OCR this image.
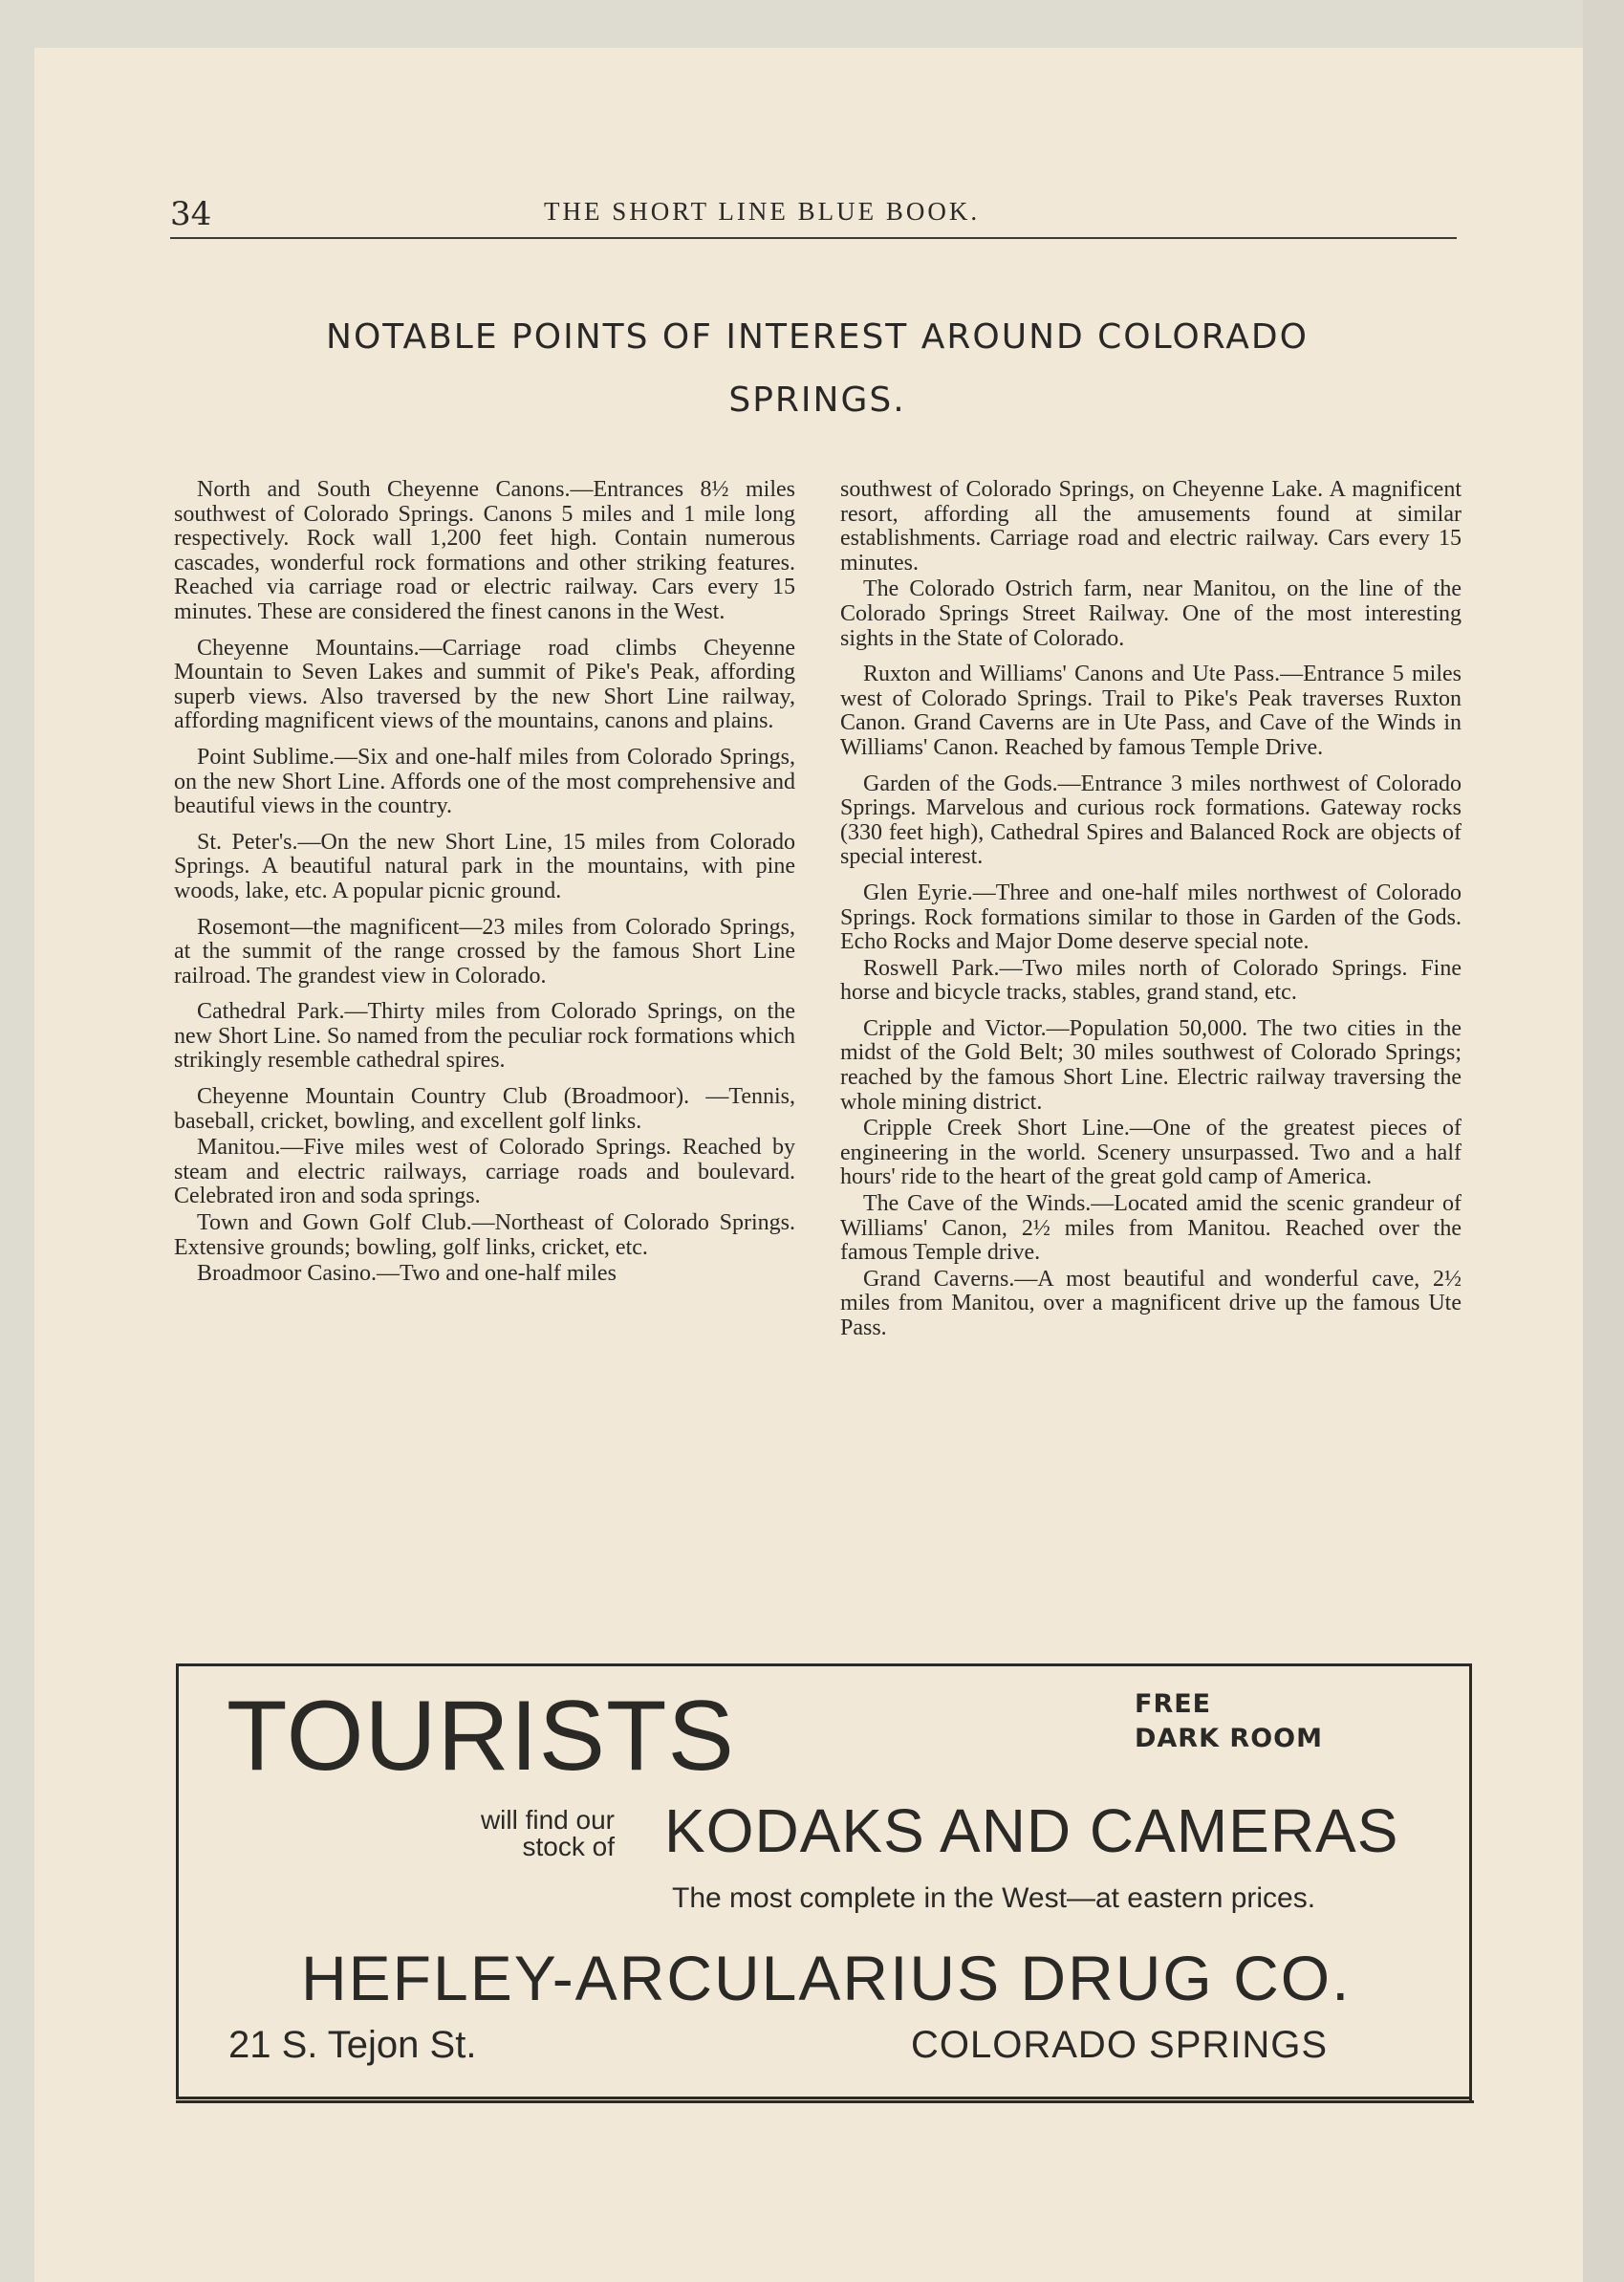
34	THE SHORT LINE BLUE BOOK.
NOTABLE POINTS OF INTEREST AROUND COLORADO
SPRINGS.

North and South Cheyenne Canons.—Entrances 8½ miles southwest of Colorado Springs. Canons 5 miles and 1 mile long respectively. Rock wall 1,200 feet high. Contain numerous cascades, wonderful rock formations and other striking features. Reached via carriage road or electric railway. Cars every 15 minutes. These are considered the finest canons in the West.

Cheyenne Mountains.—Carriage road climbs Cheyenne Mountain to Seven Lakes and summit of Pike's Peak, affording superb views. Also traversed by the new Short Line railway, affording magnificent views of the mountains, canons and plains.

Point Sublime.—Six and one-half miles from Colorado Springs, on the new Short Line. Affords one of the most comprehensive and beautiful views in the country.

St. Peter's.—On the new Short Line, 15 miles from Colorado Springs. A beautiful natural park in the mountains, with pine woods, lake, etc. A popular picnic ground.

Rosemont—the magnificent—23 miles from Colorado Springs, at the summit of the range crossed by the famous Short Line railroad. The grandest view in Colorado.

Cathedral Park.—Thirty miles from Colorado Springs, on the new Short Line. So named from the peculiar rock formations which strikingly resemble cathedral spires.

Cheyenne Mountain Country Club (Broadmoor). —Tennis, baseball, cricket, bowling, and excellent golf links.

Manitou.—Five miles west of Colorado Springs. Reached by steam and electric railways, carriage roads and boulevard. Celebrated iron and soda springs.

Town and Gown Golf Club.—Northeast of Colorado Springs. Extensive grounds; bowling, golf links, cricket, etc.

Broadmoor Casino.—Two and one-half miles

southwest of Colorado Springs, on Cheyenne Lake. A magnificent resort, affording all the amusements found at similar establishments. Carriage road and electric railway. Cars every 15 minutes.

The Colorado Ostrich farm, near Manitou, on the line of the Colorado Springs Street Railway. One of the most interesting sights in the State of Colorado.

Ruxton and Williams' Canons and Ute Pass.—Entrance 5 miles west of Colorado Springs. Trail to Pike's Peak traverses Ruxton Canon. Grand Caverns are in Ute Pass, and Cave of the Winds in Williams' Canon. Reached by famous Temple Drive.

Garden of the Gods.—Entrance 3 miles northwest of Colorado Springs. Marvelous and curious rock formations. Gateway rocks (330 feet high), Cathedral Spires and Balanced Rock are objects of special interest.

Glen Eyrie.—Three and one-half miles northwest of Colorado Springs. Rock formations similar to those in Garden of the Gods. Echo Rocks and Major Dome deserve special note.

Roswell Park.—Two miles north of Colorado Springs. Fine horse and bicycle tracks, stables, grand stand, etc.

Cripple and Victor.—Population 50,000. The two cities in the midst of the Gold Belt; 30 miles southwest of Colorado Springs; reached by the famous Short Line. Electric railway traversing the whole mining district.

Cripple Creek Short Line.—One of the greatest pieces of engineering in the world. Scenery unsurpassed. Two and a half hours' ride to the heart of the great gold camp of America.

The Cave of the Winds.—Located amid the scenic grandeur of Williams' Canon, 2½ miles from Manitou. Reached over the famous Temple drive.

Grand Caverns.—A most beautiful and wonderful cave, 2½ miles from Manitou, over a magnificent drive up the famous Ute Pass.

TOURISTS	FREE
DARK ROOM
will find our
stock of KODAKS AND CAMERAS
The most complete in the West—at eastern prices.
HEFLEY-ARCULARIUS DRUG CO.
21 S. Tejon St.	COLORADO SPRINGS
